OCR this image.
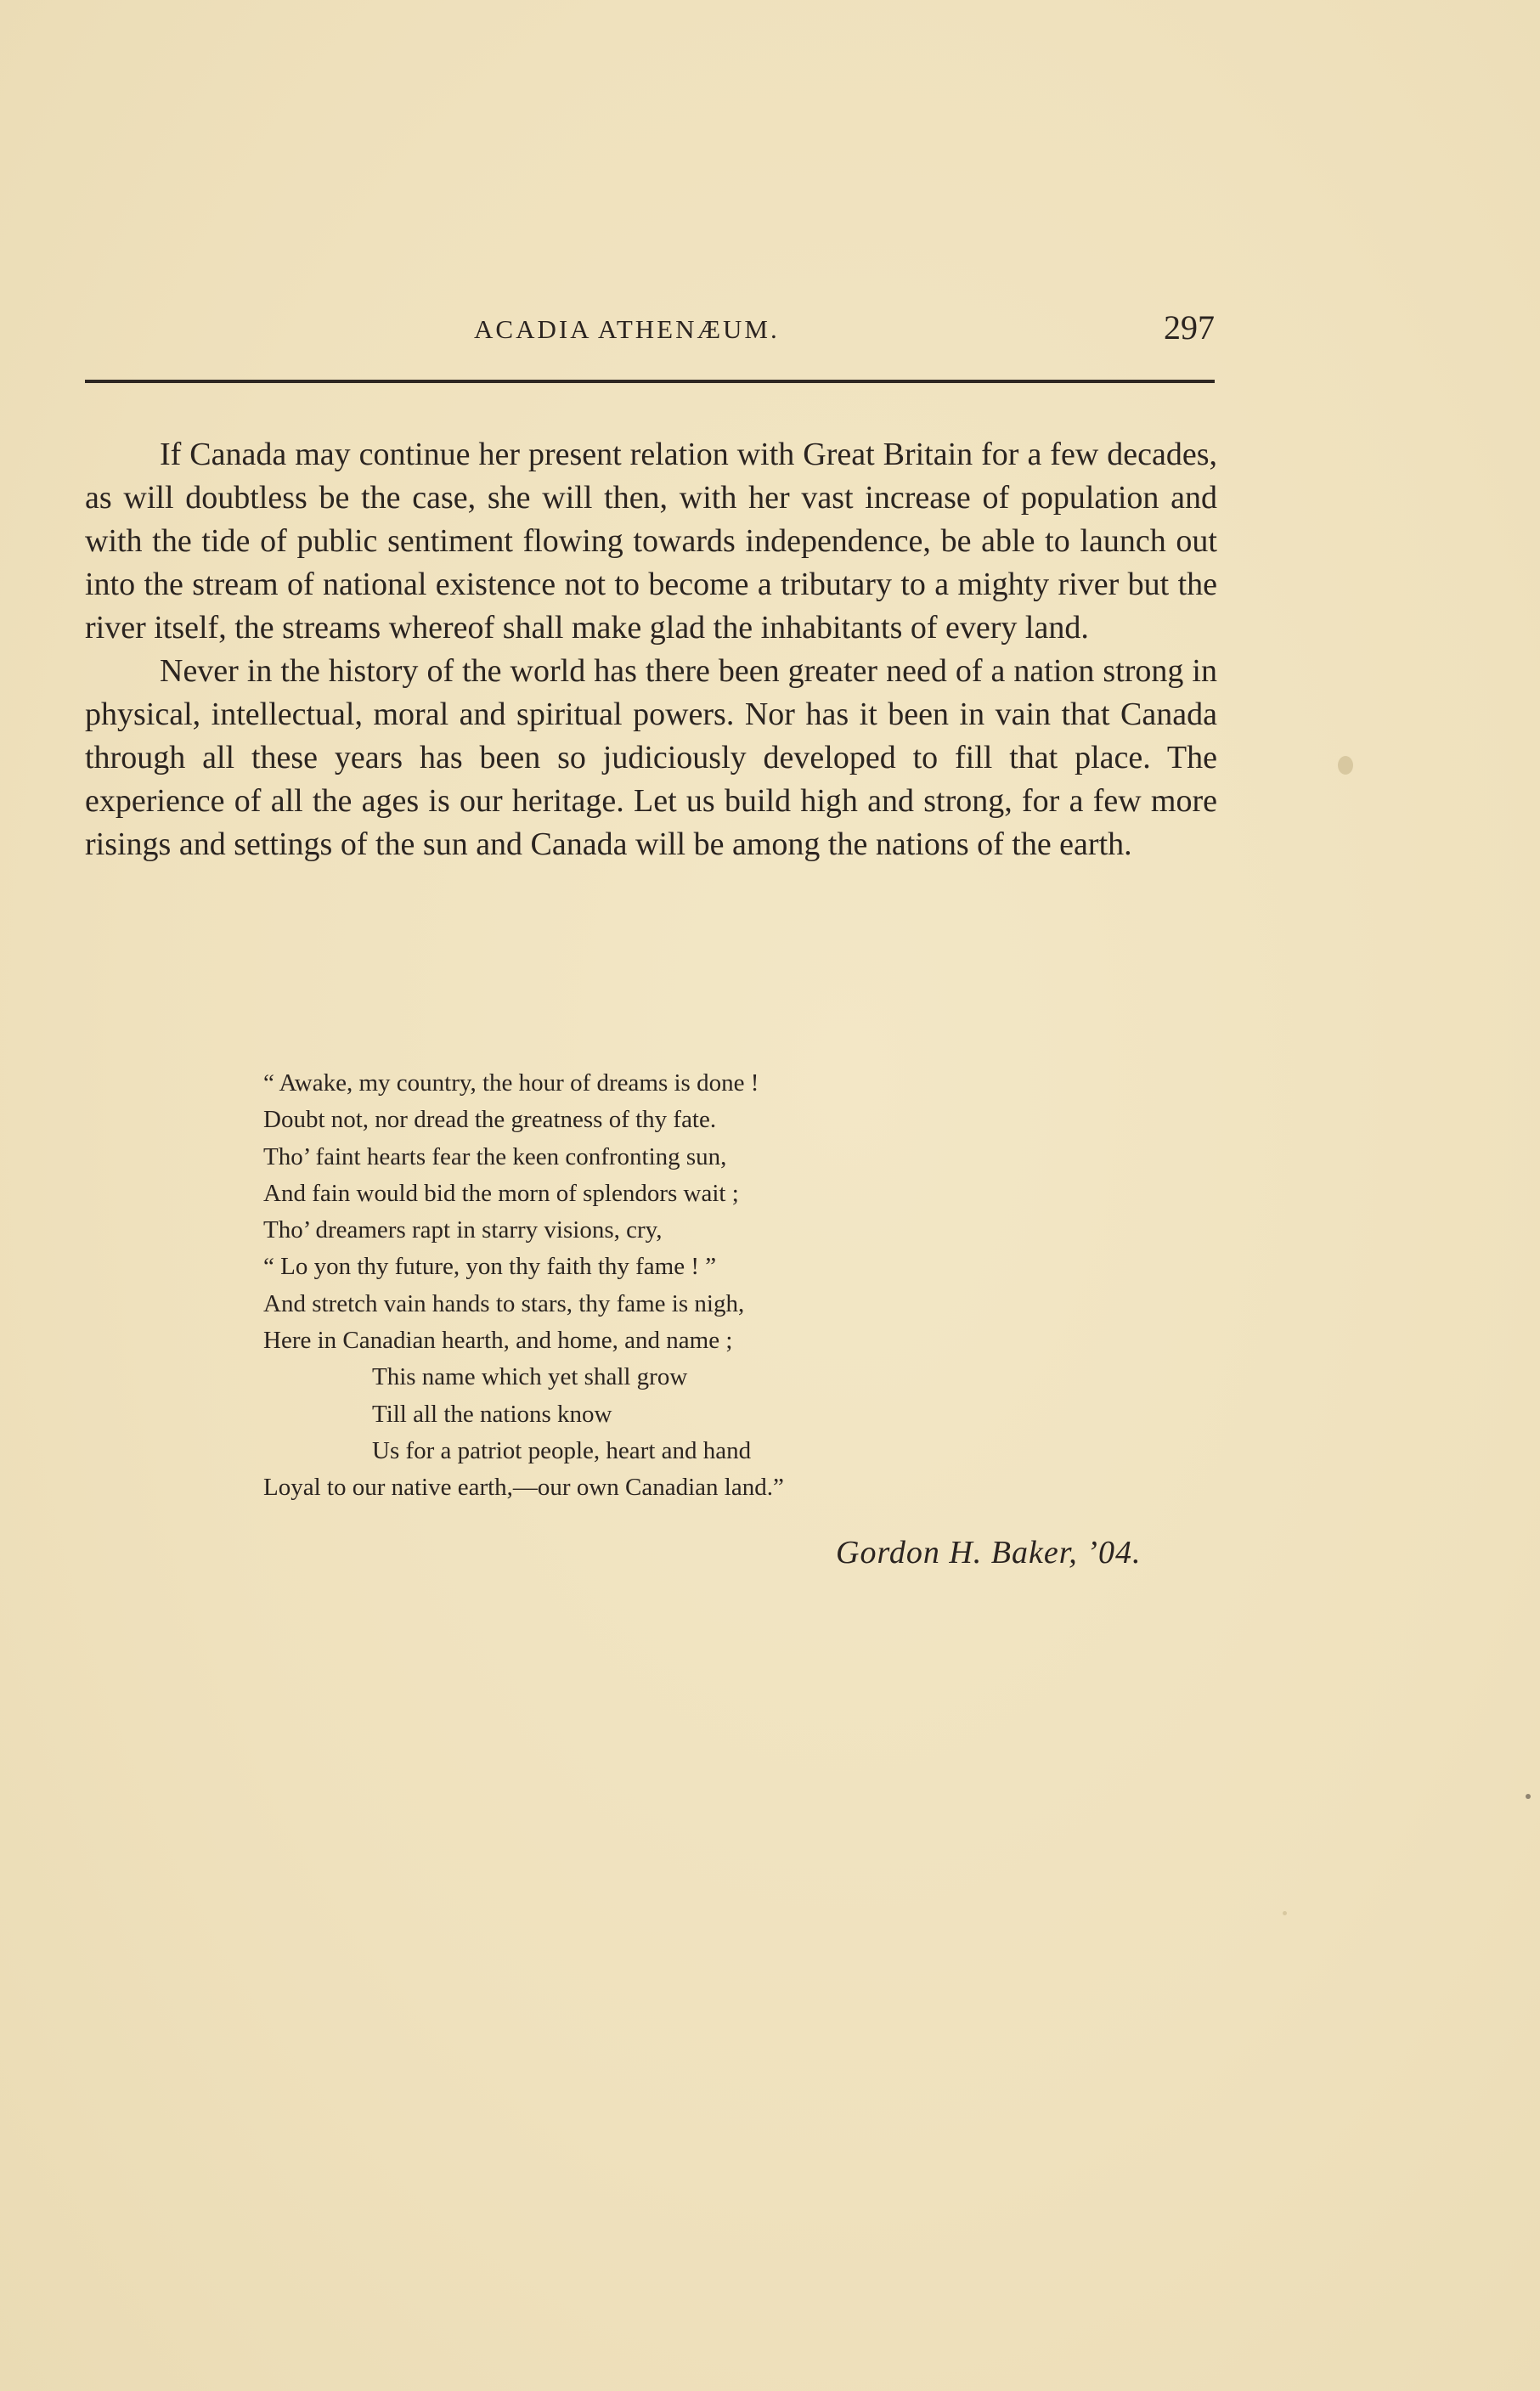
ACADIA ATHENÆUM.	297

If Canada may continue her present relation with Great Britain for a few decades, as will doubtless be the case, she will then, with her vast increase of population and with the tide of public sentiment flowing towards independence, be able to launch out into the stream of national existence not to become a tributary to a mighty river but the river itself, the streams whereof shall make glad the inhabitants of every land.

Never in the history of the world has there been greater need of a nation strong in physical, intellectual, moral and spiritual powers. Nor has it been in vain that Canada through all these years has been so judiciously developed to fill that place. The experience of all the ages is our heritage. Let us build high and strong, for a few more risings and settings of the sun and Canada will be among the nations of the earth.

“ Awake, my country, the hour of dreams is done !
Doubt not, nor dread the greatness of thy fate.
Tho’ faint hearts fear the keen confronting sun,
And fain would bid the morn of splendors wait ;
Tho’ dreamers rapt in starry visions, cry,
“ Lo yon thy future, yon thy faith thy fame ! ”
And stretch vain hands to stars, thy fame is nigh,
Here in Canadian hearth, and home, and name ;
This name which yet shall grow
Till all the nations know
Us for a patriot people, heart and hand
Loyal to our native earth,—our own Canadian land.”
Gordon H. Baker, ’04.
